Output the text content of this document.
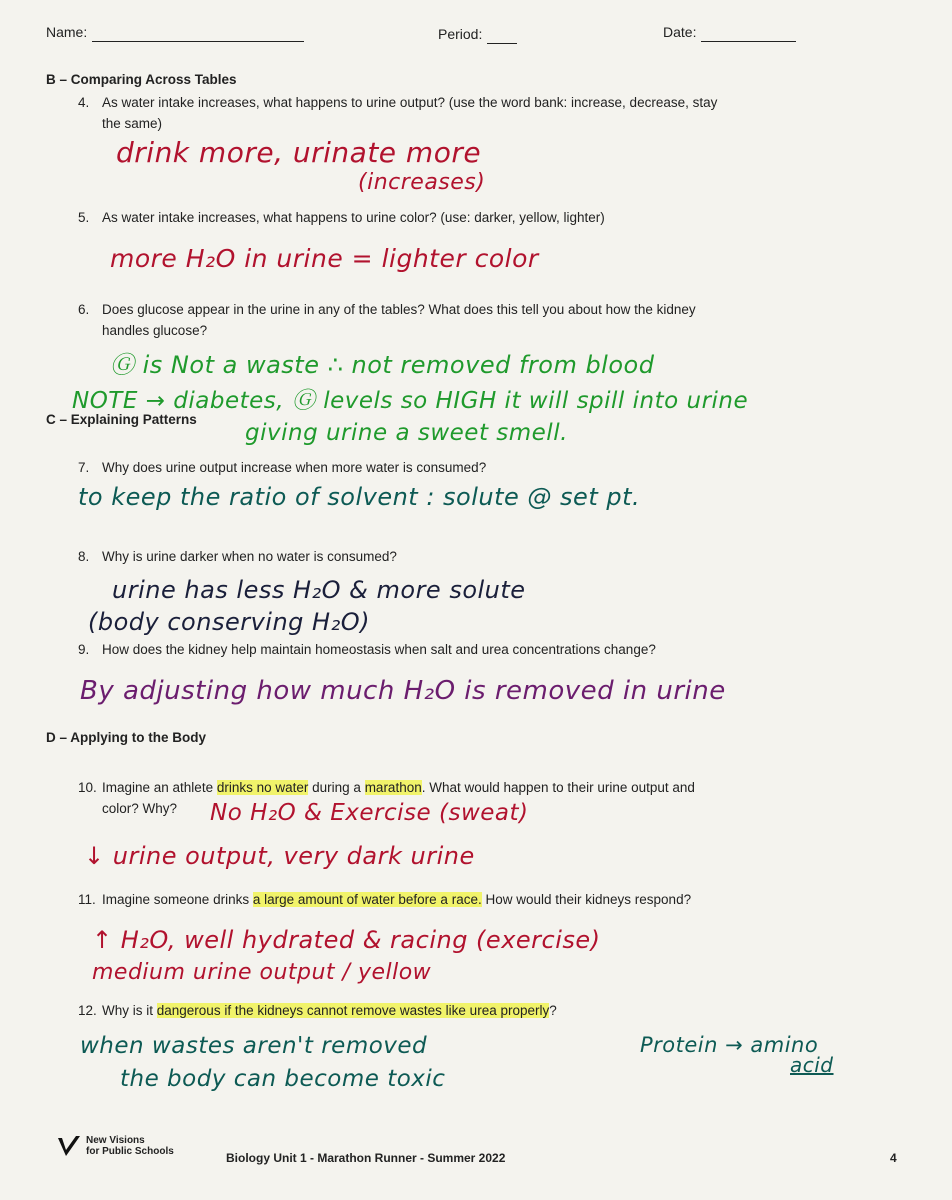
Name:	Period:	Date:
B – Comparing Across Tables
4. As water intake increases, what happens to urine output? (use the word bank: increase, decrease, stay
the same)
drink more, urinate more
(increases)
5. As water intake increases, what happens to urine color? (use: darker, yellow, lighter)
more H₂O in urine = lighter color
6. Does glucose appear in the urine in any of the tables? What does this tell you about how the kidney
handles glucose?
Ⓖ is Not a waste ∴ not removed from blood
NOTE → diabetes, Ⓖ levels so HIGH it will spill into urine
C – Explaining Patterns
giving urine a sweet smell.
7. Why does urine output increase when more water is consumed?
to keep the ratio of solvent : solute @ set pt.
8. Why is urine darker when no water is consumed?
urine has less H₂O & more solute
(body conserving H₂O)
9. How does the kidney help maintain homeostasis when salt and urea concentrations change?
By adjusting how much H₂O is removed in urine
D – Applying to the Body
10. Imagine an athlete drinks no water during a marathon. What would happen to their urine output and
color? Why?	No H₂O & Exercise (sweat)
↓ urine output, very dark urine
11. Imagine someone drinks a large amount of water before a race. How would their kidneys respond?
↑ H₂O, well hydrated & racing (exercise)
medium urine output / yellow
12. Why is it dangerous if the kidneys cannot remove wastes like urea properly?
when wastes aren't removed
the body can become toxic
Protein → amino
acid
New Visions
for Public Schools	Biology Unit 1 - Marathon Runner - Summer 2022	4
